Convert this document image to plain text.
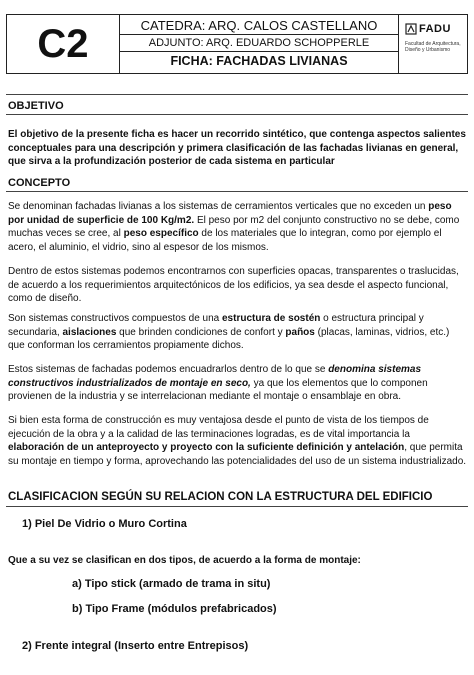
C2	CATEDRA: ARQ. CALOS CASTELLANO
ADJUNTO: ARQ. EDUARDO SCHOPPERLE
FICHA: FACHADAS LIVIANAS
FADU
Facultad de Arquitectura, Diseño y Urbanismo
OBJETIVO
El objetivo de la presente ficha es hacer un recorrido sintético, que contenga aspectos salientes conceptuales para una descripción y primera clasificación de las fachadas livianas en general, que sirva a la profundización posterior de cada sistema en particular
CONCEPTO
Se denominan fachadas livianas a los sistemas de cerramientos verticales que no exceden un peso por unidad de superficie de 100 Kg/m2. El peso por m2 del conjunto constructivo no se debe, como muchas veces se cree, al peso específico de los materiales que lo integran, como por ejemplo el acero, el aluminio, el vidrio, sino al espesor de los mismos.
Dentro de estos sistemas podemos encontrarnos con superficies opacas, transparentes o traslucidas, de acuerdo a los requerimientos arquitectónicos de los edificios, ya sea desde el aspecto funcional, como de diseño.
Son sistemas constructivos compuestos de una estructura de sostén o estructura principal y secundaria, aislaciones que brinden condiciones de confort y paños (placas, laminas, vidrios, etc.) que conforman los cerramientos propiamente dichos.
Estos sistemas de fachadas podemos encuadrarlos dentro de lo que se denomina sistemas constructivos industrializados de montaje en seco, ya que los elementos que lo componen provienen de la industria y se interrelacionan mediante el montaje o ensamblaje en obra.
Si bien esta forma de construcción es muy ventajosa desde el punto de vista de los tiempos de ejecución de la obra y a la calidad de las terminaciones logradas, es de vital importancia la elaboración de un anteproyecto y proyecto con la suficiente definición y antelación, que permita su montaje en tiempo y forma, aprovechando las potencialidades del uso de un sistema industrializado.
CLASIFICACION SEGÚN SU RELACION CON LA ESTRUCTURA DEL EDIFICIO
1) Piel De Vidrio o Muro Cortina
Que a su vez se clasifican en dos tipos, de acuerdo a la forma de montaje:
a) Tipo stick (armado de trama in situ)
b) Tipo Frame (módulos prefabricados)
2) Frente integral (Inserto entre Entrepisos)
